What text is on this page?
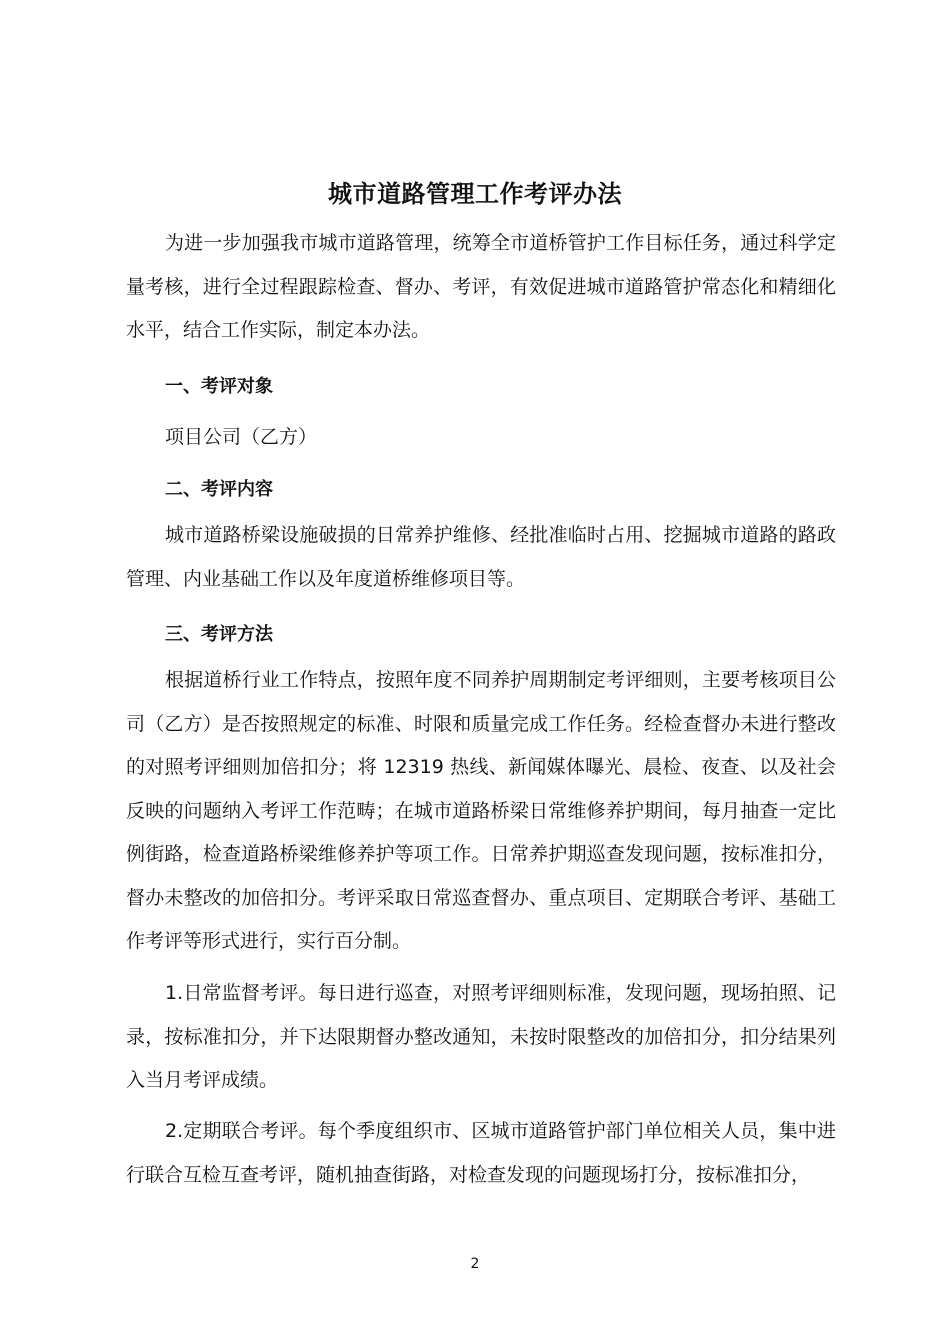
城市道路管理工作考评办法

为进一步加强我市城市道路管理，统筹全市道桥管护工作目标任务，通过科学定量考核，进行全过程跟踪检查、督办、考评，有效促进城市道路管护常态化和精细化水平，结合工作实际，制定本办法。

一、考评对象

项目公司（乙方）

二、考评内容

城市道路桥梁设施破损的日常养护维修、经批准临时占用、挖掘城市道路的路政管理、内业基础工作以及年度道桥维修项目等。

三、考评方法

根据道桥行业工作特点，按照年度不同养护周期制定考评细则，主要考核项目公司（乙方）是否按照规定的标准、时限和质量完成工作任务。经检查督办未进行整改的对照考评细则加倍扣分；将 12319 热线、新闻媒体曝光、晨检、夜查、以及社会反映的问题纳入考评工作范畴；在城市道路桥梁日常维修养护期间，每月抽查一定比例街路，检查道路桥梁维修养护等项工作。日常养护期巡查发现问题，按标准扣分，督办未整改的加倍扣分。考评采取日常巡查督办、重点项目、定期联合考评、基础工作考评等形式进行，实行百分制。

1.日常监督考评。每日进行巡查，对照考评细则标准，发现问题，现场拍照、记录，按标准扣分，并下达限期督办整改通知，未按时限整改的加倍扣分，扣分结果列入当月考评成绩。

2.定期联合考评。每个季度组织市、区城市道路管护部门单位相关人员，集中进行联合互检互查考评，随机抽查街路，对检查发现的问题现场打分，按标准扣分，

2
